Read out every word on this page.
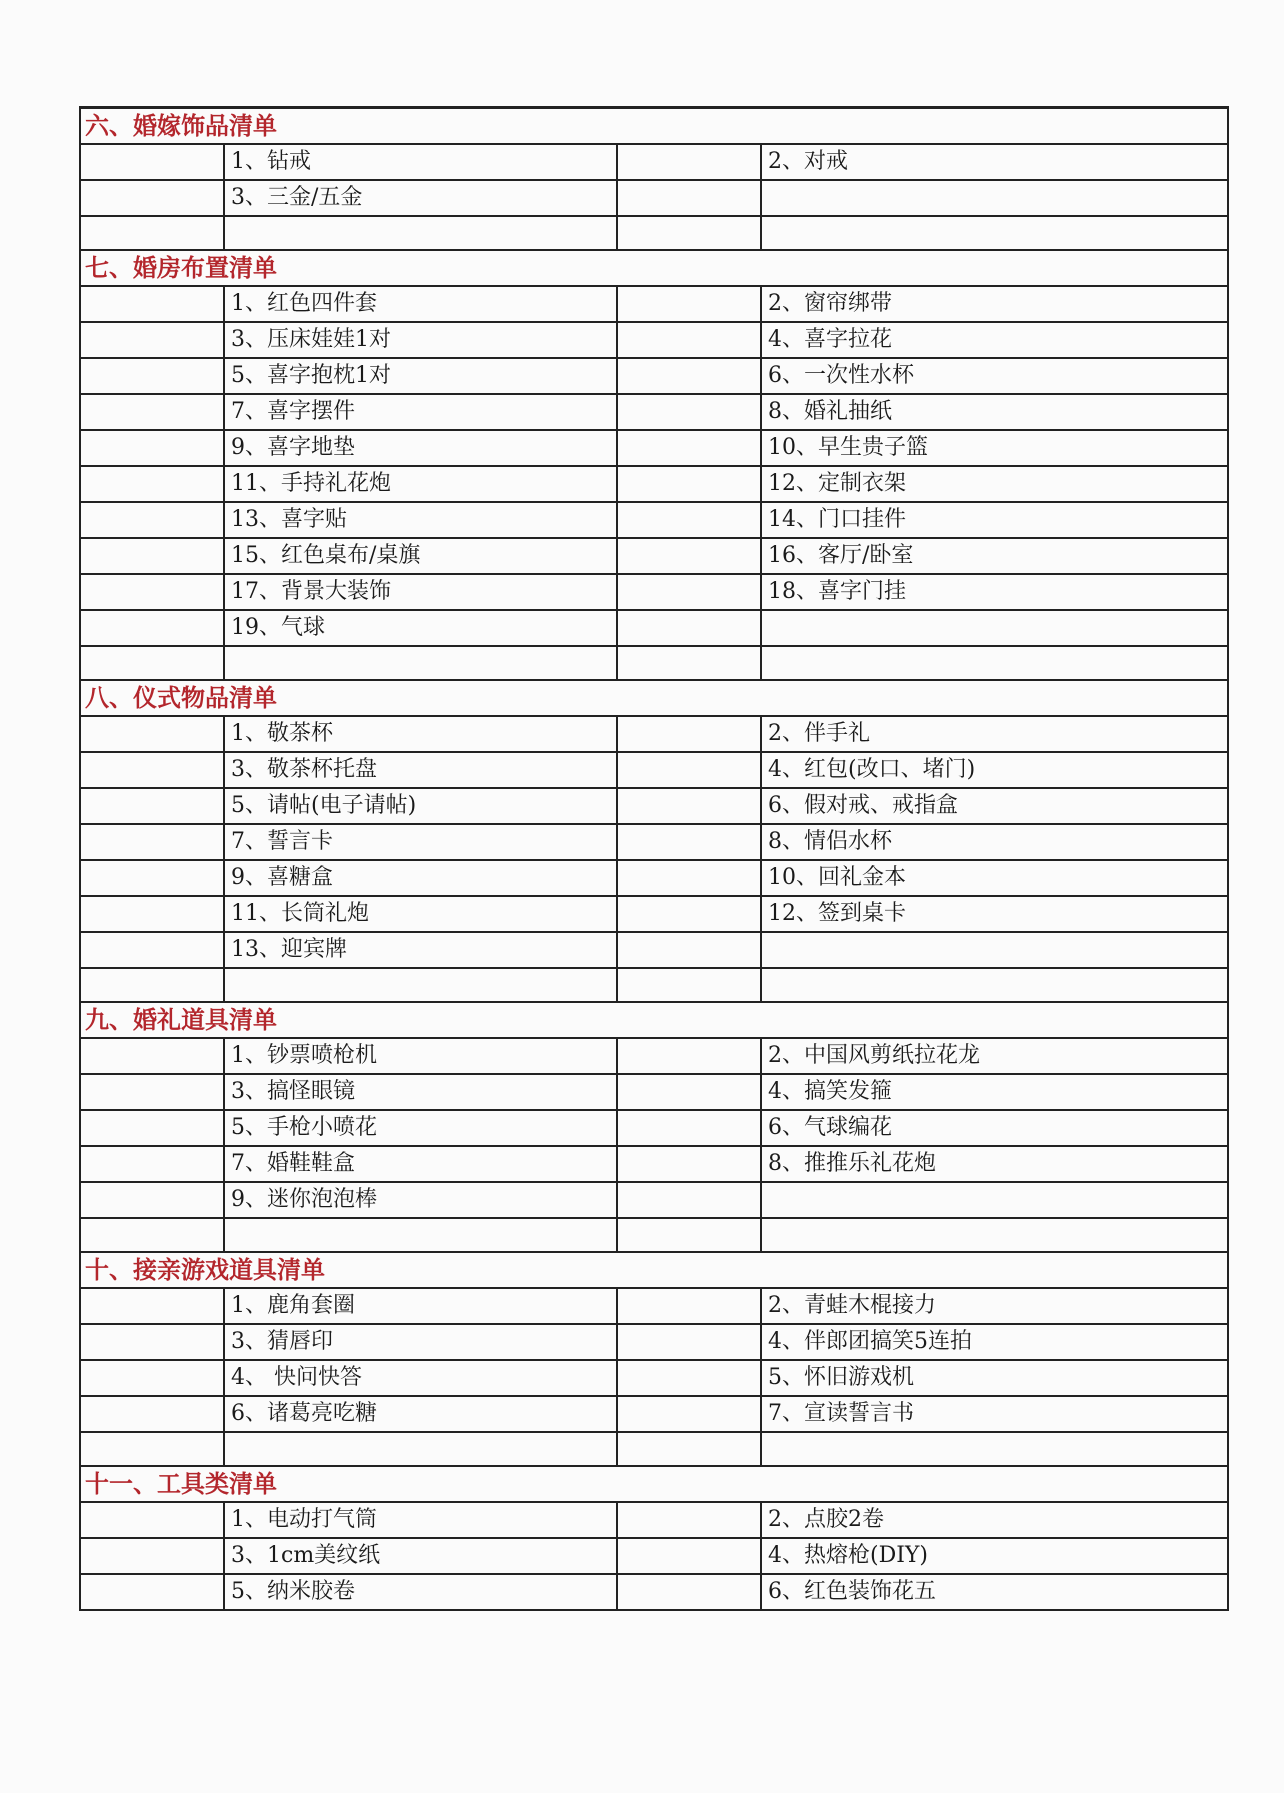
六、婚嫁饰品清单			
	1、钻戒		2、对戒
	3、三金/五金		

七、婚房布置清单			
	1、红色四件套		2、窗帘绑带
	3、压床娃娃1对		4、喜字拉花
	5、喜字抱枕1对		6、一次性水杯
	7、喜字摆件		8、婚礼抽纸
	9、喜字地垫		10、早生贵子篮
	11、手持礼花炮		12、定制衣架
	13、喜字贴		14、门口挂件
	15、红色桌布/桌旗		16、客厅/卧室
	17、背景大装饰		18、喜字门挂
	19、气球		

八、仪式物品清单			
	1、敬茶杯		2、伴手礼
	3、敬茶杯托盘		4、红包(改口、堵门)
	5、请帖(电子请帖)		6、假对戒、戒指盒
	7、誓言卡		8、情侣水杯
	9、喜糖盒		10、回礼金本
	11、长筒礼炮		12、签到桌卡
	13、迎宾牌		

九、婚礼道具清单			
	1、钞票喷枪机		2、中国风剪纸拉花龙
	3、搞怪眼镜		4、搞笑发箍
	5、手枪小喷花		6、气球编花
	7、婚鞋鞋盒		8、推推乐礼花炮
	9、迷你泡泡棒		

十、接亲游戏道具清单			
	1、鹿角套圈		2、青蛙木棍接力
	3、猜唇印		4、伴郎团搞笑5连拍
	4、 快问快答		5、怀旧游戏机
	6、诸葛亮吃糖		7、宣读誓言书

十一、工具类清单			
	1、电动打气筒		2、点胶2卷
	3、1cm美纹纸		4、热熔枪(DIY)
	5、纳米胶卷		6、红色装饰花五
